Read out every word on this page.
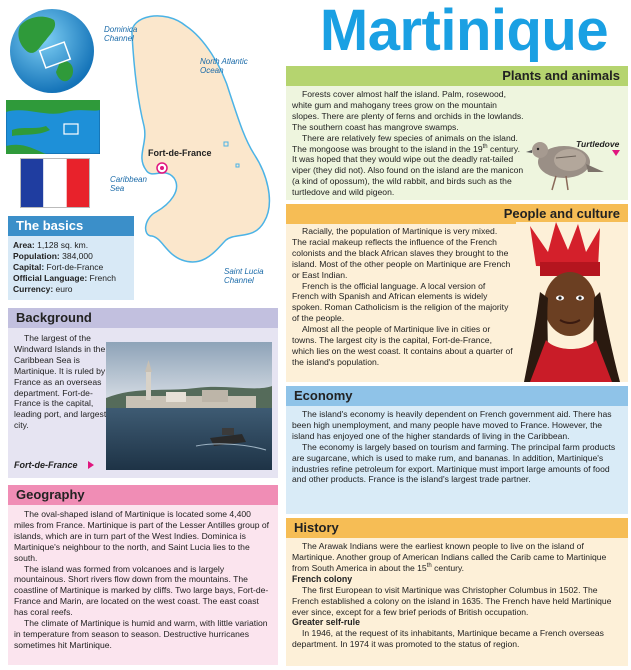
Martinique
Dominica Channel
North Atlantic Ocean
Fort-de-France
Caribbean Sea
Saint Lucia Channel
The basics
Area: 1,128 sq. km.
Population: 384,000
Capital: Fort-de-France
Official Language: French
Currency: euro
Background

The largest of the Windward Islands in the Caribbean Sea is Martinique. It is ruled by France as an overseas department. Fort-de-France is the capital, leading port, and largest city.

Fort-de-France
Geography

The oval-shaped island of Martinique is located some 4,400 miles from France. Martinique is part of the Lesser Antilles group of islands, which are in turn part of the West Indies. Dominica is Martinique's neighbour to the north, and Saint Lucia lies to the south.

The island was formed from volcanoes and is largely mountainous. Short rivers flow down from the mountains. The coastline of Martinique is marked by cliffs. Two large bays, Fort-de-France and Marin, are located on the west coast. The east coast has coral reefs.

The climate of Martinique is humid and warm, with little variation in temperature from season to season. Destructive hurricanes sometimes hit Martinique.

Plants and animals

Forests cover almost half the island. Palm, rosewood, white gum and mahogany trees grow on the mountain slopes. There are plenty of ferns and orchids in the lowlands. The southern coast has mangrove swamps.

There are relatively few species of animals on the island. The mongoose was brought to the island in the 19th century. It was hoped that they would wipe out the deadly rat-tailed viper (they did not). Also found on the island are the manicon (a kind of opossum), the wild rabbit, and birds such as the turtledove and wild pigeon.

Turtledove
People and culture

Racially, the population of Martinique is very mixed. The racial makeup reflects the influence of the French colonists and the black African slaves they brought to the island. Most of the other people on Martinique are French or East Indian.

French is the official language. A local version of French with Spanish and African elements is widely spoken. Roman Catholicism is the religion of the majority of the people.

Almost all the people of Martinique live in cities or towns. The largest city is the capital, Fort-de-France, which lies on the west coast. It contains about a quarter of the island's population.

Economy

The island's economy is heavily dependent on French government aid. There has been high unemployment, and many people have moved to France. However, the island has enjoyed one of the higher standards of living in the Caribbean.

The economy is largely based on tourism and farming. The principal farm products are sugarcane, which is used to make rum, and bananas. In addition, Martinique's industries refine petroleum for export. Martinique must import large amounts of food and other products. France is the island's largest trade partner.

History

The Arawak Indians were the earliest known people to live on the island of Martinique. Another group of American Indians called the Carib came to Martinique from South America in about the 15th century.

French colony

The first European to visit Martinique was Christopher Columbus in 1502. The French established a colony on the island in 1635. The French have held Martinique ever since, except for a few brief periods of British occupation.

Greater self-rule

In 1946, at the request of its inhabitants, Martinique became a French overseas department. In 1974 it was promoted to the status of region.
